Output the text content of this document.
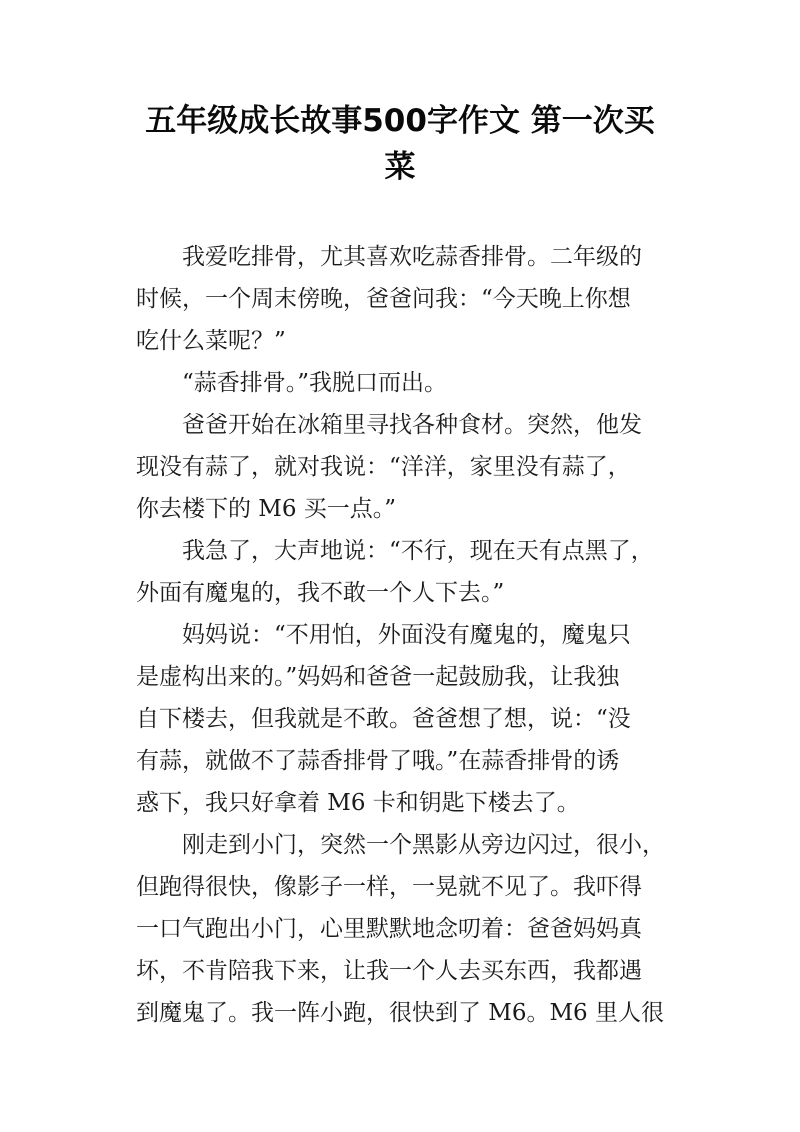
五年级成长故事500字作文 第一次买
菜
我爱吃排骨，尤其喜欢吃蒜香排骨。二年级的
时候，一个周末傍晚，爸爸问我：“今天晚上你想
吃什么菜呢？”
“蒜香排骨。”我脱口而出。
爸爸开始在冰箱里寻找各种食材。突然，他发
现没有蒜了，就对我说：“洋洋，家里没有蒜了，
你去楼下的 M6 买一点。”
我急了，大声地说：“不行，现在天有点黑了，
外面有魔鬼的，我不敢一个人下去。”
妈妈说：“不用怕，外面没有魔鬼的，魔鬼只
是虚构出来的。”妈妈和爸爸一起鼓励我，让我独
自下楼去，但我就是不敢。爸爸想了想，说：“没
有蒜，就做不了蒜香排骨了哦。”在蒜香排骨的诱
惑下，我只好拿着 M6 卡和钥匙下楼去了。
刚走到小门，突然一个黑影从旁边闪过，很小，
但跑得很快，像影子一样，一晃就不见了。我吓得
一口气跑出小门，心里默默地念叨着：爸爸妈妈真
坏，不肯陪我下来，让我一个人去买东西，我都遇
到魔鬼了。我一阵小跑，很快到了 M6。M6 里人很
